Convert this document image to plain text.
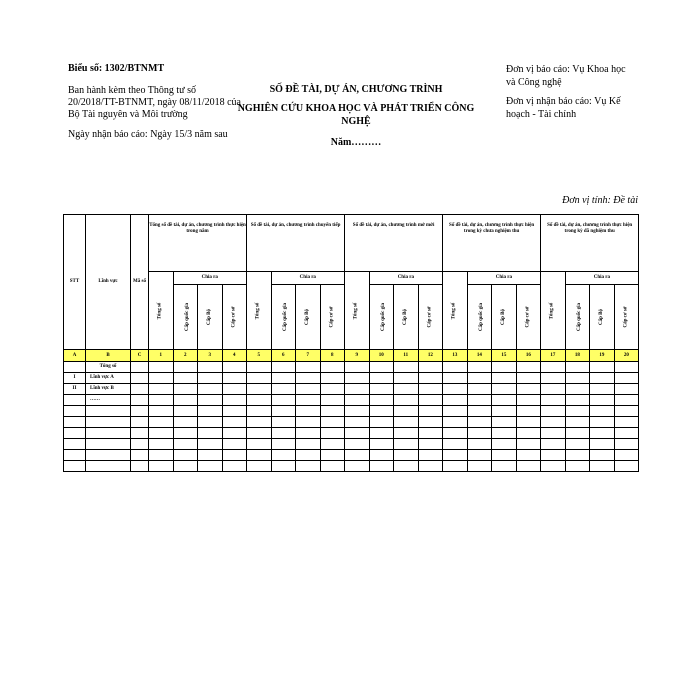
Biểu số: 1302/BTNMT
Ban hành kèm theo Thông tư số 20/2018/TT-BTNMT, ngày 08/11/2018 của Bộ Tài nguyên và Môi trường
Ngày nhận báo cáo: Ngày 15/3 năm sau
SỐ ĐỀ TÀI, DỰ ÁN, CHƯƠNG TRÌNH
NGHIÊN CỨU KHOA HỌC VÀ PHÁT TRIỂN CÔNG NGHỆ
Năm………
Đơn vị báo cáo: Vụ Khoa học và Công nghệ
Đơn vị nhận báo cáo: Vụ Kế hoạch - Tài chính
Đơn vị tính: Đề tài
STT	Lĩnh vực	Mã số	Tổng số đề tài, dự án, chương trình thực hiện trong năm				Số đề tài, dự án, chương trình chuyển tiếp				Số đề tài, dự án, chương trình mở mới				Số đề tài, dự án, chương trình thực hiện trong kỳ chưa nghiệm thu				Số đề tài, dự án, chương trình thực hiện trong kỳ đã nghiệm thu			
			Tổng số	Chia ra			Tổng số	Chia ra			Tổng số	Chia ra			Tổng số	Chia ra			Tổng số	Chia ra		
				Cấp quốc gia	Cấp Bộ	Cấp cơ sở		Cấp quốc gia	Cấp Bộ	Cấp cơ sở		Cấp quốc gia	Cấp Bộ	Cấp cơ sở		Cấp quốc gia	Cấp Bộ	Cấp cơ sở		Cấp quốc gia	Cấp Bộ	Cấp cơ sở
A	B	C	1	2	3	4	5	6	7	8	9	10	11	12	13	14	15	16	17	18	19	20
	Tổng số																					
I	Lĩnh vực A																					
II	Lĩnh vực B																					
	……																					
